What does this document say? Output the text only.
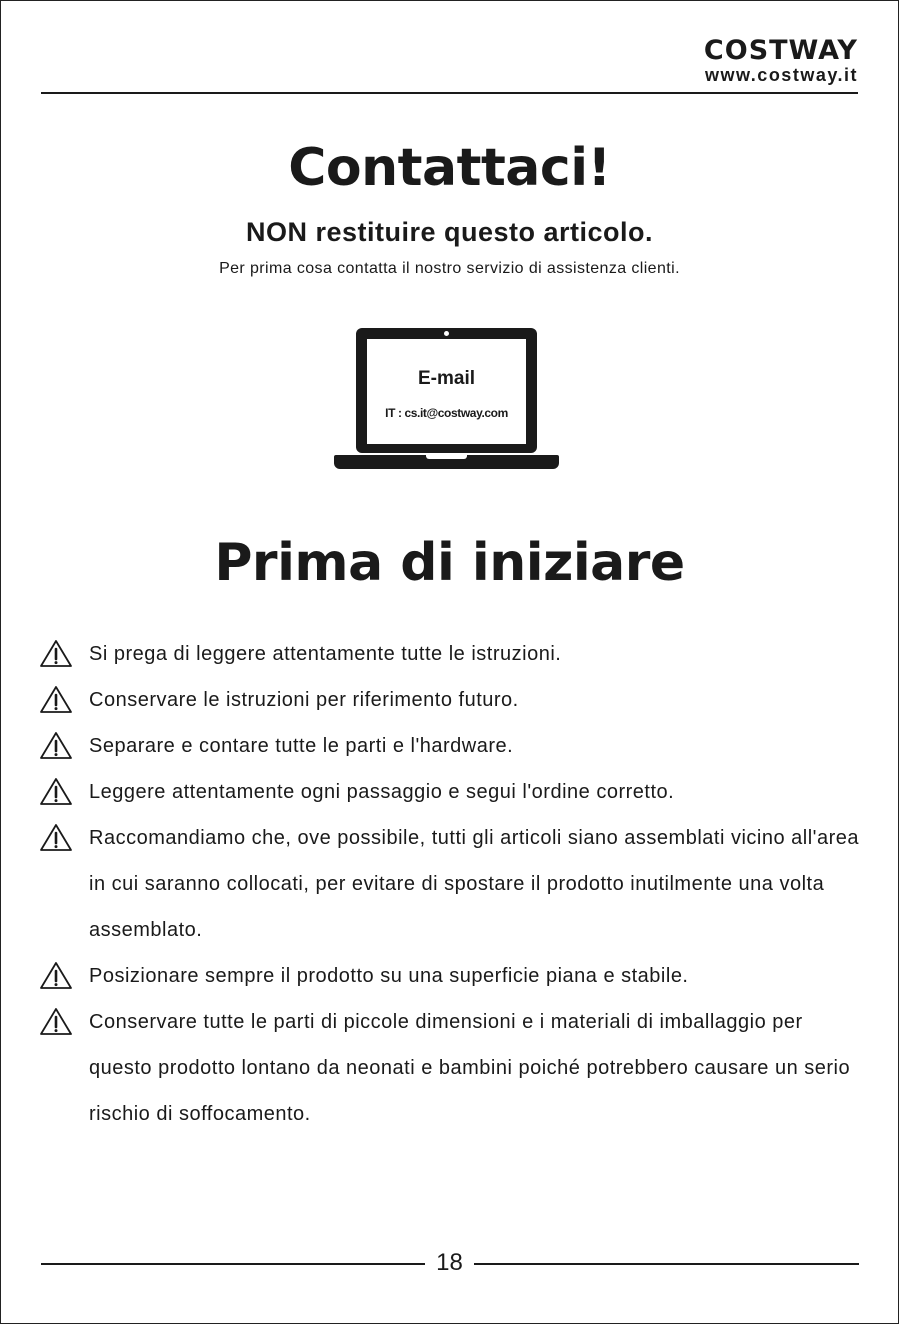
COSTWAY
www.costway.it
Contattaci!
NON restituire questo articolo.
Per prima cosa contatta il nostro servizio di assistenza clienti.
E-mail
IT : cs.it@costway.com
Prima di iniziare
Si prega di leggere attentamente tutte le istruzioni.
Conservare le istruzioni per riferimento futuro.
Separare e contare tutte le parti e l'hardware.
Leggere attentamente ogni passaggio e segui l'ordine corretto.
Raccomandiamo che, ove possibile, tutti gli articoli siano assemblati vicino all'area in cui saranno collocati, per evitare di spostare il prodotto inutilmente una volta assemblato.
Posizionare sempre il prodotto su una superficie piana e stabile.
Conservare tutte le parti di piccole dimensioni e i materiali di imballaggio per questo prodotto lontano da neonati e bambini poiché potrebbero causare un serio rischio di soffocamento.
18
